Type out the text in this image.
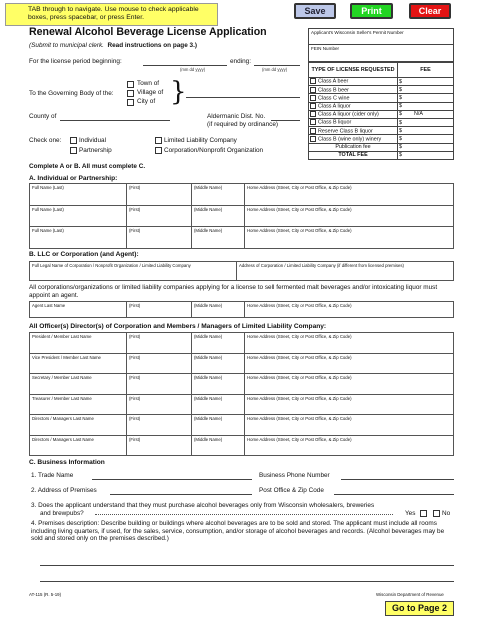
TAB through to navigate. Use mouse to check applicable boxes, press spacebar, or press Enter.
Save	Print	Clear
Renewal Alcohol Beverage License Application
(Submit to municipal clerk. Read instructions on page 3.)
Applicant's Wisconsin Seller's Permit Number
FEIN Number
For the license period beginning:
(mm dd yyyy)
ending:
(mm dd yyyy)
To the Governing Body of the:
Town of
Village of
City of }
County of	Aldermanic Dist. No.
(if required by ordinance)
Check one:	Individual
Partnership
Limited Liability Company
Corporation/Nonprofit Organization
Complete A or B. All must complete C.
TYPE OF LICENSE REQUESTED	FEE
Class A beer	$
Class B beer	$
Class C wine	$
Class A liquor	$
Class A liquor (cider only)	$ N/A
Class B liquor	$
Reserve Class B liquor	$
Class B (wine only) winery	$
Publication fee	$
TOTAL FEE	$
A. Individual or Partnership:
Full Name (Last)	(First)	(Middle Name)	Home Address (Street, City or Post Office, & Zip Code)
Full Name (Last)	(First)	(Middle Name)	Home Address (Street, City or Post Office, & Zip Code)
Full Name (Last)	(First)	(Middle Name)	Home Address (Street, City or Post Office, & Zip Code)
B. LLC or Corporation (and Agent):
Full Legal Name of Corporation / Nonprofit Organization / Limited Liability Company	Address of Corporation / Limited Liability Company (if different from licensed premises)
All corporations/organizations or limited liability companies applying for a license to sell fermented malt beverages and/or intoxicating liquor must appoint an agent.
Agent Last Name	(First)	(Middle Name)	Home Address (Street, City or Post Office, & Zip Code)
All Officer(s) Director(s) of Corporation and Members / Managers of Limited Liability Company:
President / Member Last Name	(First)	(Middle Name)	Home Address (Street, City or Post Office, & Zip Code)
Vice President / Member Last Name	(First)	(Middle Name)	Home Address (Street, City or Post Office, & Zip Code)
Secretary / Member Last Name	(First)	(Middle Name)	Home Address (Street, City or Post Office, & Zip Code)
Treasurer / Member Last Name	(First)	(Middle Name)	Home Address (Street, City or Post Office, & Zip Code)
Directors / Managers Last Name	(First)	(Middle Name)	Home Address (Street, City or Post Office, & Zip Code)
Directors / Managers Last Name	(First)	(Middle Name)	Home Address (Street, City or Post Office, & Zip Code)
C. Business Information
1. Trade Name	Business Phone Number
2. Address of Premises	Post Office & Zip Code
3. Does the applicant understand that they must purchase alcohol beverages only from Wisconsin wholesalers, breweries
and brewpubs?	Yes	No
4. Premises description: Describe building or buildings where alcohol beverages are to be sold and stored. The applicant must include all rooms including living quarters, if used, for the sales, service, consumption, and/or storage of alcohol beverages and records. (Alcohol beverages may be sold and stored only on the premises described.)
AT-115 (R. 5-19)	Wisconsin Department of Revenue
Go to Page 2
